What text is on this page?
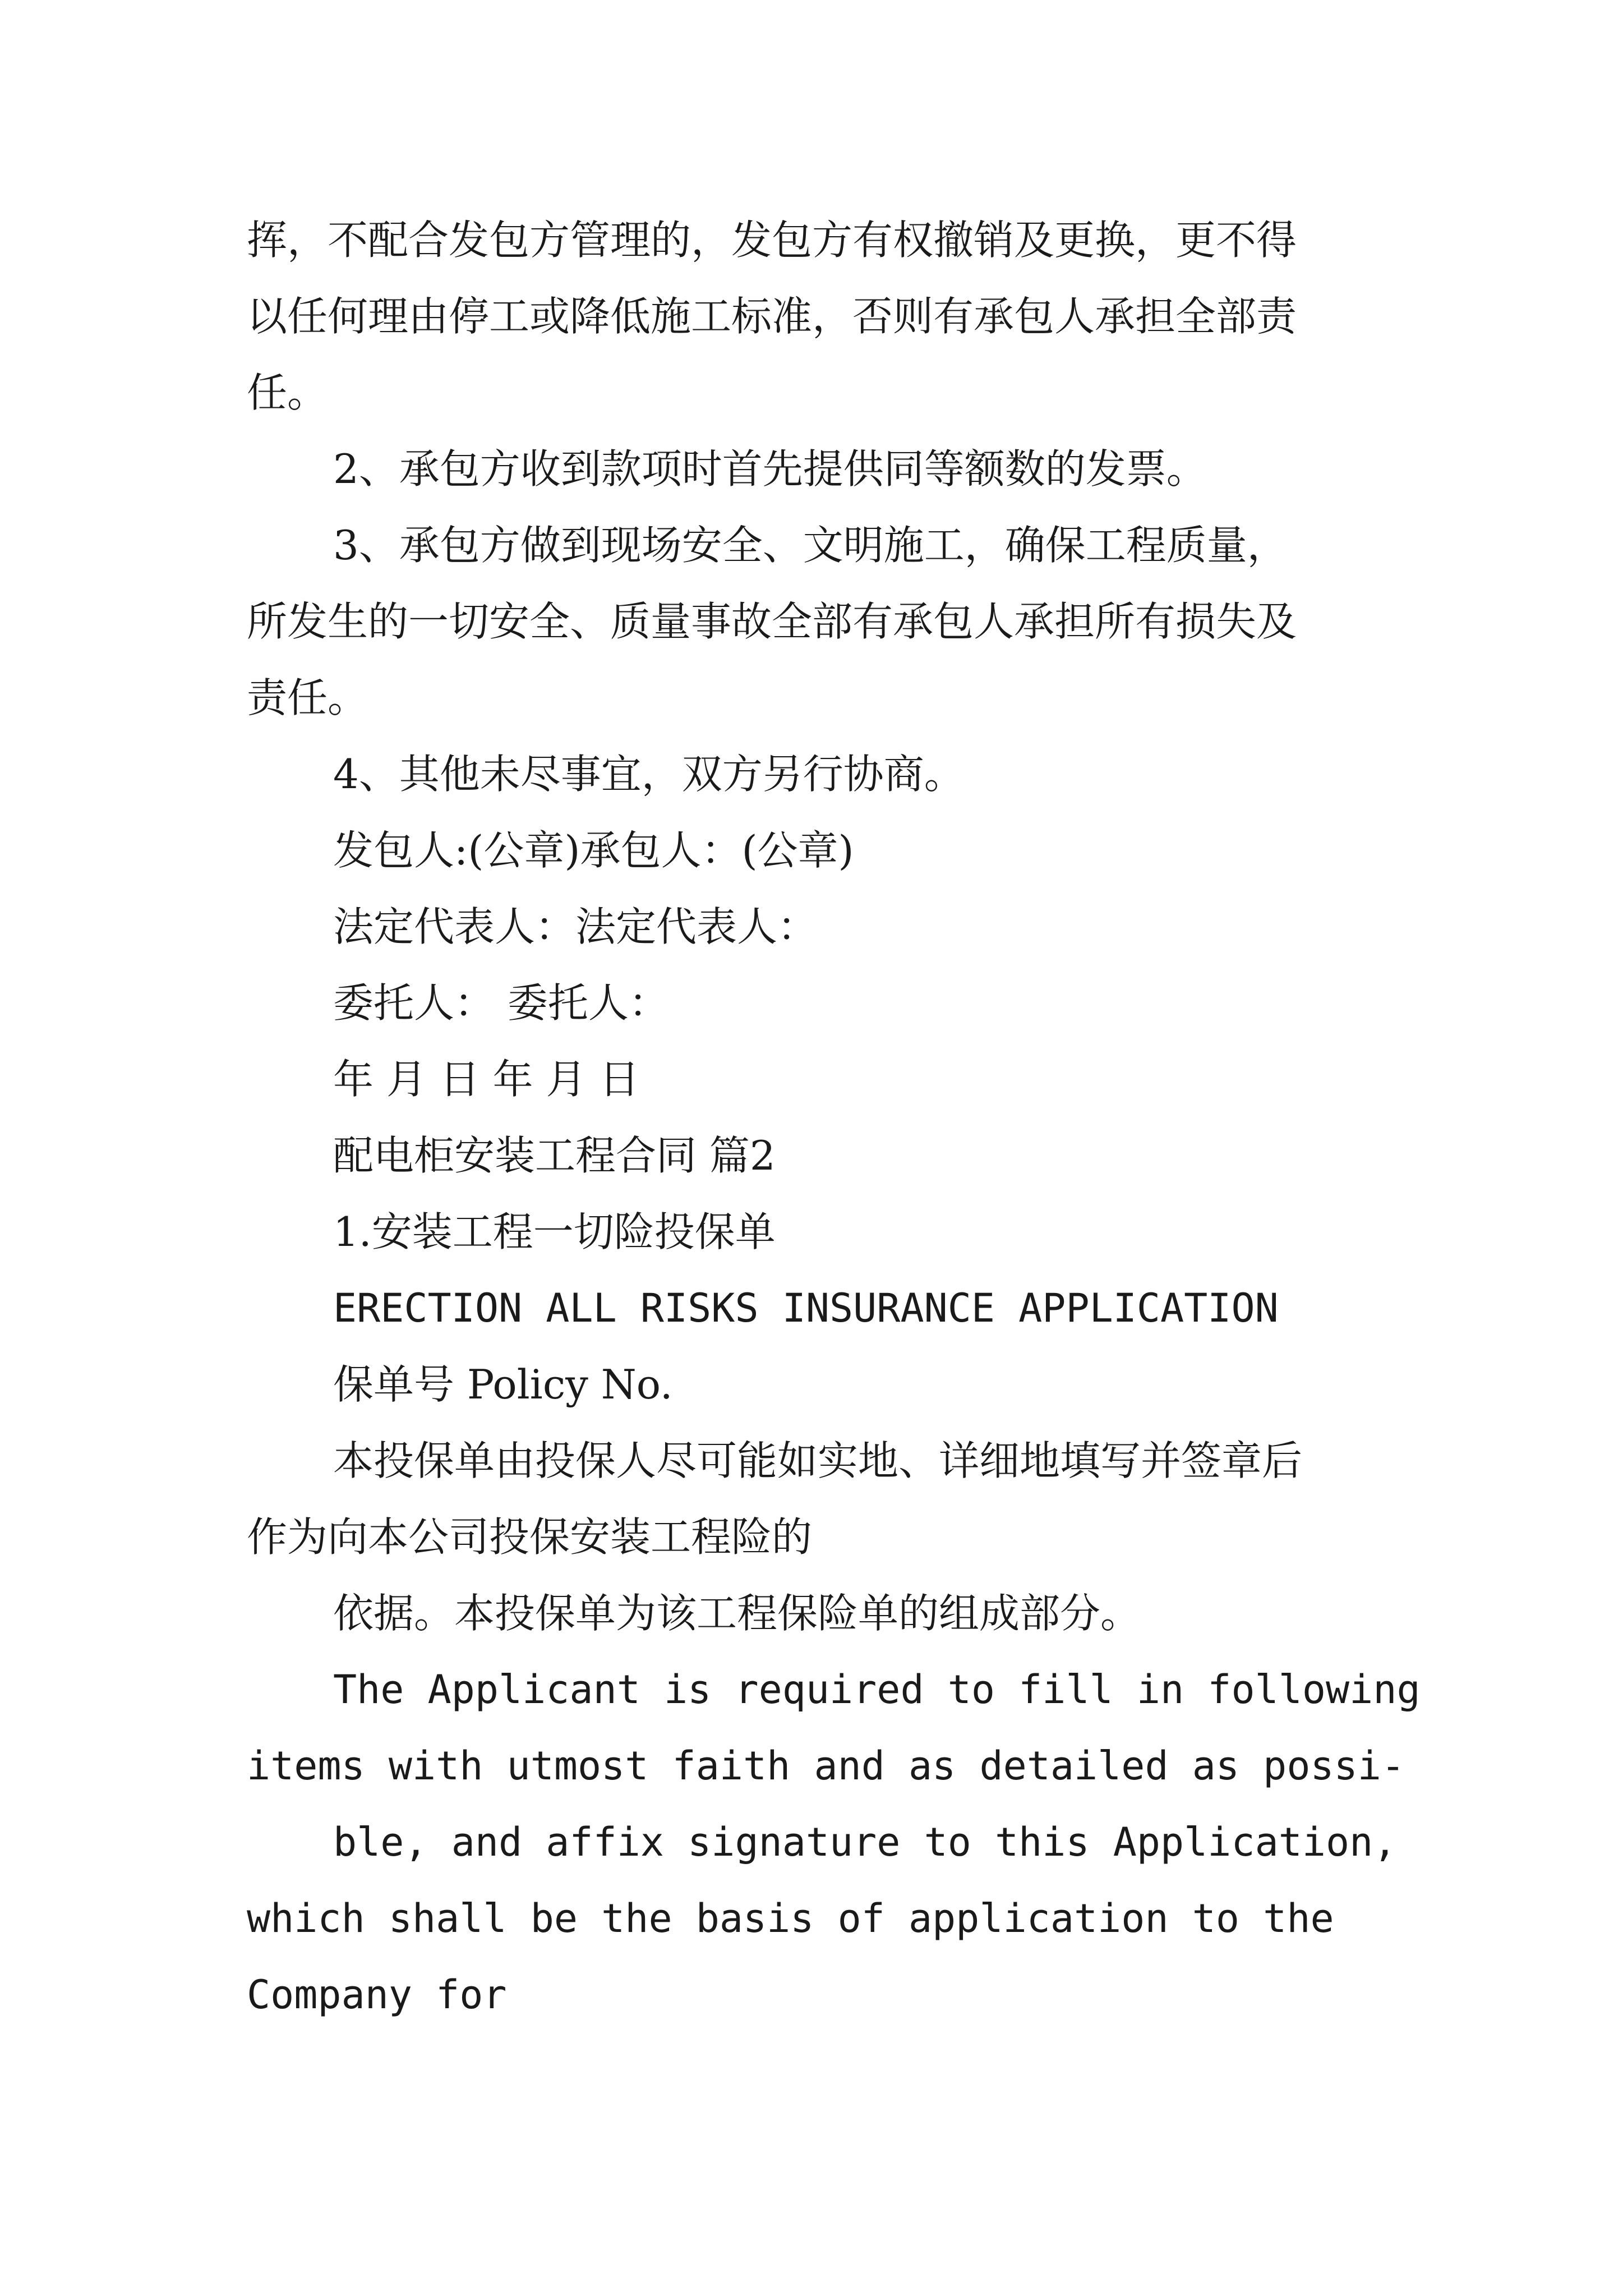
挥，不配合发包方管理的，发包方有权撤销及更换，更不得

以任何理由停工或降低施工标准，否则有承包人承担全部责

任。

2、承包方收到款项时首先提供同等额数的发票。

3、承包方做到现场安全、文明施工，确保工程质量，

所发生的一切安全、质量事故全部有承包人承担所有损失及

责任。

4、其他未尽事宜，双方另行协商。

发包人:(公章)承包人：(公章)

法定代表人：法定代表人：

委托人： 委托人：

年 月 日 年 月 日

配电柜安装工程合同 篇2

1.安装工程一切险投保单

ERECTION ALL RISKS INSURANCE APPLICATION

保单号 Policy No.

本投保单由投保人尽可能如实地、详细地填写并签章后

作为向本公司投保安装工程险的

依据。本投保单为该工程保险单的组成部分。

The Applicant is required to fill in following

items with utmost faith and as detailed as possi-

ble, and affix signature to this Application,

which shall be the basis of application to the

Company for
